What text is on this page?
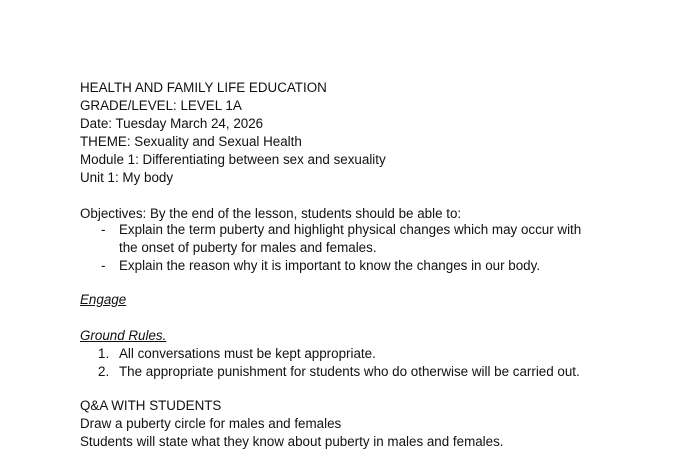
HEALTH AND FAMILY LIFE EDUCATION
GRADE/LEVEL: LEVEL 1A
Date: Tuesday March 24, 2026
THEME: Sexuality and Sexual Health
Module 1: Differentiating between sex and sexuality
Unit 1: My body
Objectives: By the end of the lesson, students should be able to:
- Explain the term puberty and highlight physical changes which may occur with
the onset of puberty for males and females.
- Explain the reason why it is important to know the changes in our body.
Engage
Ground Rules.
1. All conversations must be kept appropriate.
2. The appropriate punishment for students who do otherwise will be carried out.
Q&A WITH STUDENTS
Draw a puberty circle for males and females
Students will state what they know about puberty in males and females.
